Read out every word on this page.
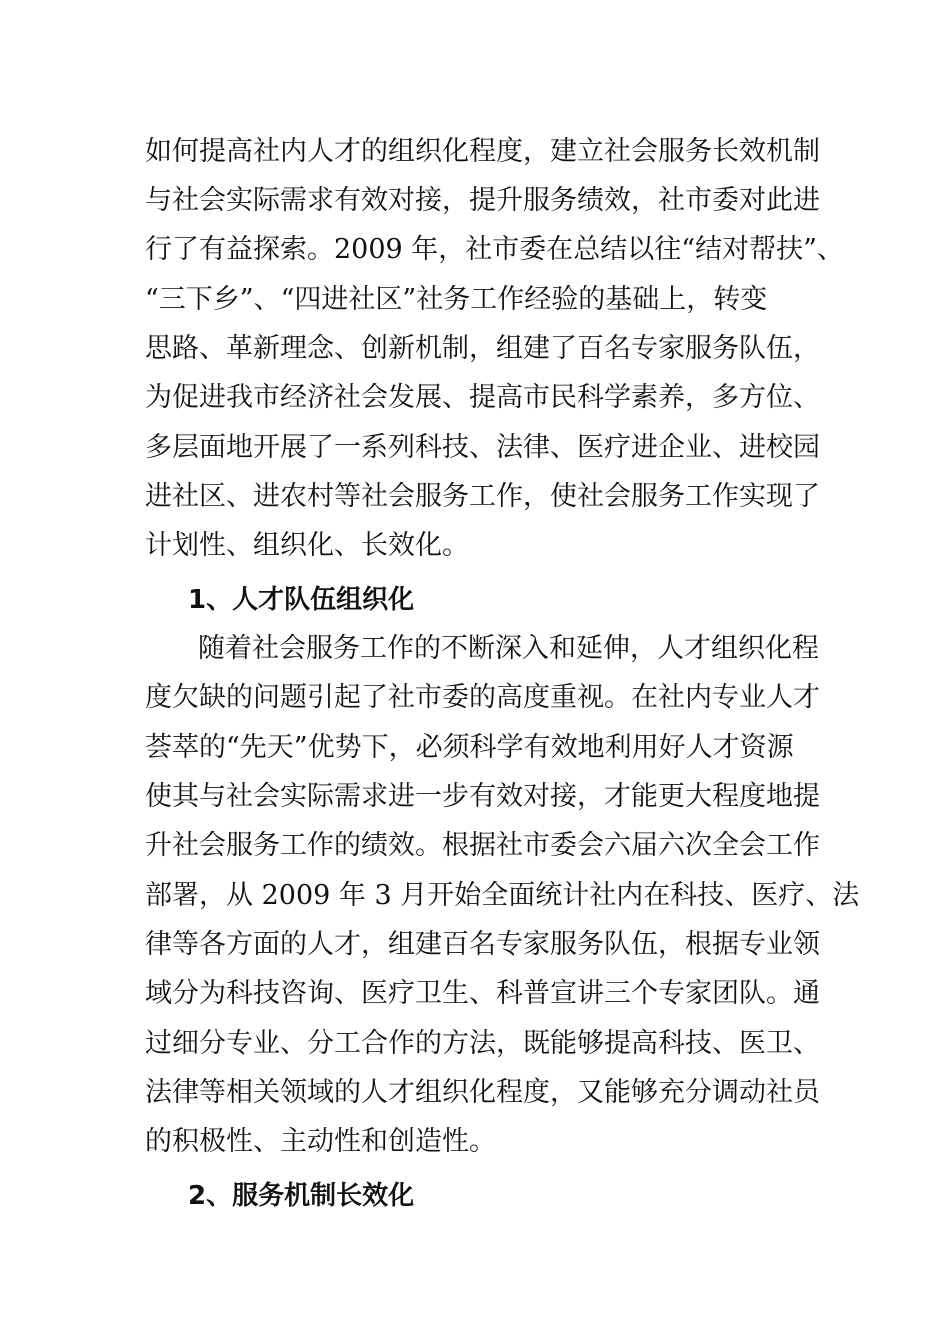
如何提高社内人才的组织化程度，建立社会服务长效机制
与社会实际需求有效对接，提升服务绩效，社市委对此进
行了有益探索。2009 年，社市委在总结以往“结对帮扶”、
“三下乡”、“四进社区”社务工作经验的基础上，转变
思路、革新理念、创新机制，组建了百名专家服务队伍，
为促进我市经济社会发展、提高市民科学素养，多方位、
多层面地开展了一系列科技、法律、医疗进企业、进校园
进社区、进农村等社会服务工作，使社会服务工作实现了
计划性、组织化、长效化。
1、人才队伍组织化
随着社会服务工作的不断深入和延伸，人才组织化程
度欠缺的问题引起了社市委的高度重视。在社内专业人才
荟萃的“先天”优势下，必须科学有效地利用好人才资源
使其与社会实际需求进一步有效对接，才能更大程度地提
升社会服务工作的绩效。根据社市委会六届六次全会工作
部署，从 2009 年 3 月开始全面统计社内在科技、医疗、法
律等各方面的人才，组建百名专家服务队伍，根据专业领
域分为科技咨询、医疗卫生、科普宣讲三个专家团队。通
过细分专业、分工合作的方法，既能够提高科技、医卫、
法律等相关领域的人才组织化程度，又能够充分调动社员
的积极性、主动性和创造性。
2、服务机制长效化
